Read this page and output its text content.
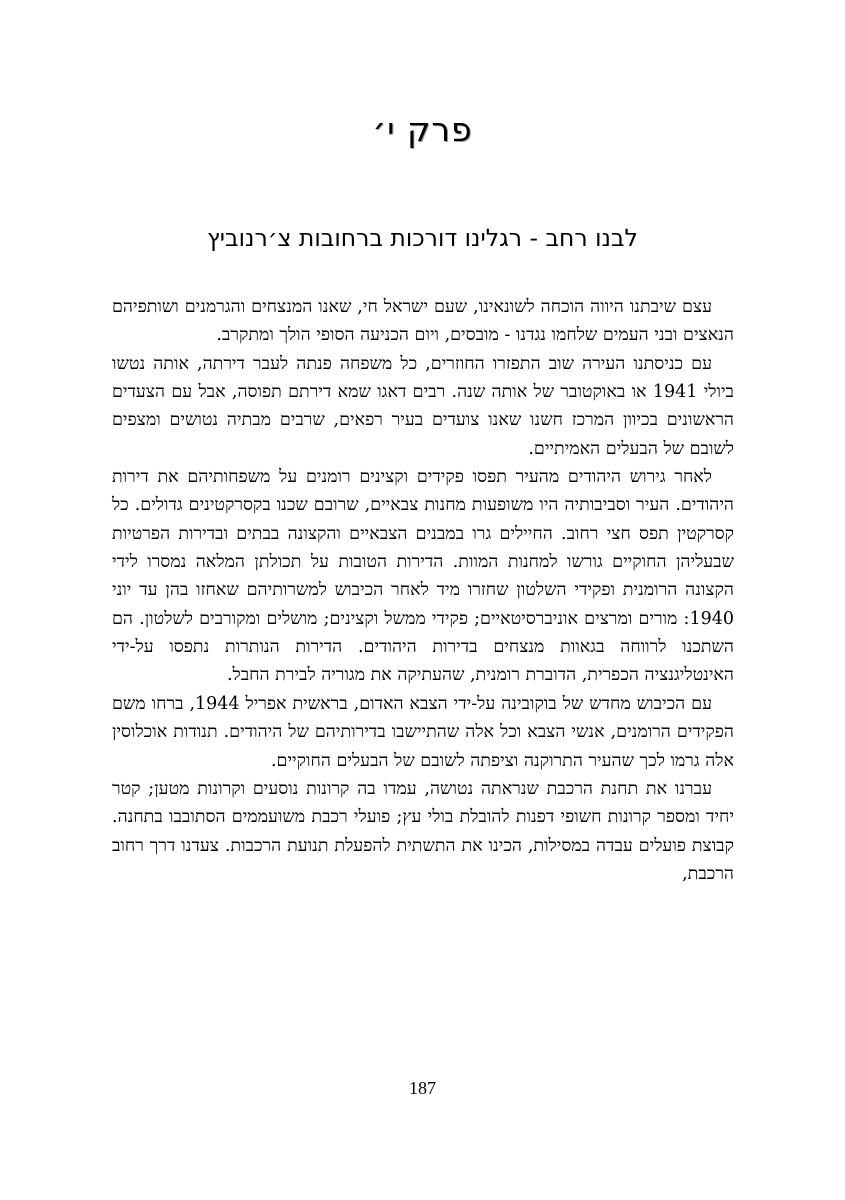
פרק י׳
לבנו רחב - רגלינו דורכות ברחובות צ׳רנוביץ

עצם שיבתנו היווה הוכחה לשונאינו, שעם ישראל חי, שאנו המנצחים והגרמנים ושותפיהם הנאצים ובני העמים שלחמו נגדנו - מובסים, ויום הכניעה הסופי הולך ומתקרב.

עם כניסתנו העירה שוב התפזרו החוזרים, כל משפחה פנתה לעבר דירתה, אותה נטשו ביולי 1941 או באוקטובר של אותה שנה. רבים דאגו שמא דירתם תפוסה, אבל עם הצעדים הראשונים בכיוון המרכז חשנו שאנו צועדים בעיר רפאים, שרבים מבתיה נטושים ומצפים לשובם של הבעלים האמיתיים.

לאחר גירוש היהודים מהעיר תפסו פקידים וקצינים רומנים על משפחותיהם את דירות היהודים. העיר וסביבותיה היו משופעות מחנות צבאיים, שרובם שכנו בקסרקטינים גדולים. כל קסרקטין תפס חצי רחוב. החיילים גרו במבנים הצבאיים והקצונה בבתים ובדירות הפרטיות שבעליהן החוקיים גורשו למחנות המוות. הדירות הטובות על תכולתן המלאה נמסרו לידי הקצונה הרומנית ופקידי השלטון שחזרו מיד לאחר הכיבוש למשרותיהם שאחזו בהן עד יוני 1940: מורים ומרצים אוניברסיטאיים; פקידי ממשל וקצינים; מושלים ומקורבים לשלטון. הם השתכנו לרווחה בגאוות מנצחים בדירות היהודים. הדירות הנותרות נתפסו על-ידי האינטליגנציה הכפרית, הדוברת רומנית, שהעתיקה את מגוריה לבירת החבל.

עם הכיבוש מחדש של בוקובינה על-ידי הצבא האדום, בראשית אפריל 1944, ברחו משם הפקידים הרומנים, אנשי הצבא וכל אלה שהתיישבו בדירותיהם של היהודים. תנודות אוכלוסין אלה גרמו לכך שהעיר התרוקנה וציפתה לשובם של הבעלים החוקיים.

עברנו את תחנת הרכבת שנראתה נטושה, עמדו בה קרונות נוסעים וקרונות מטען; קטר יחיד ומספר קרונות חשופי דפנות להובלת בולי עץ; פועלי רכבת משועממים הסתובבו בתחנה. קבוצת פועלים עבדה במסילות, הכינו את התשתית להפעלת תנועת הרכבות. צעדנו דרך רחוב הרכבת,

187
